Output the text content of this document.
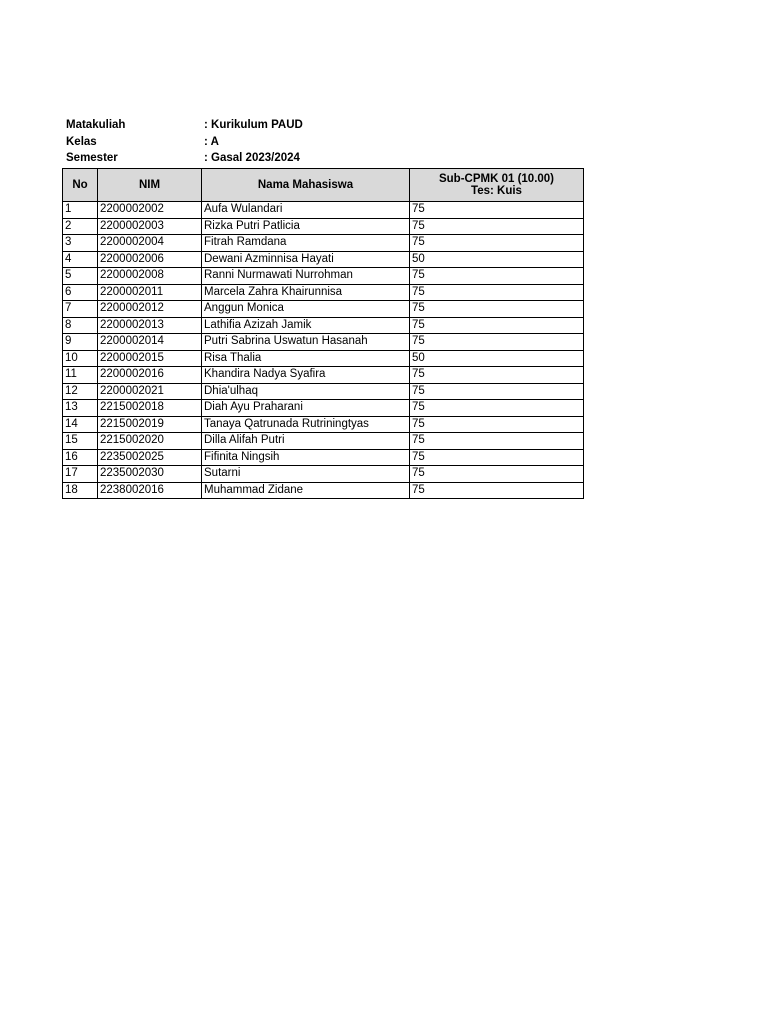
Matakuliah	: Kurikulum PAUD
Kelas	: A
Semester	: Gasal 2023/2024
No	NIM	Nama Mahasiswa	Sub-CPMK 01 (10.00)
Tes: Kuis
1	2200002002	Aufa Wulandari	75
2	2200002003	Rizka Putri Patlicia	75
3	2200002004	Fitrah Ramdana	75
4	2200002006	Dewani Azminnisa Hayati	50
5	2200002008	Ranni Nurmawati Nurrohman	75
6	2200002011	Marcela Zahra Khairunnisa	75
7	2200002012	Anggun Monica	75
8	2200002013	Lathifia Azizah Jamik	75
9	2200002014	Putri Sabrina Uswatun Hasanah	75
10	2200002015	Risa Thalia	50
11	2200002016	Khandira Nadya Syafira	75
12	2200002021	Dhia'ulhaq	75
13	2215002018	Diah Ayu Praharani	75
14	2215002019	Tanaya Qatrunada Rutriningtyas	75
15	2215002020	Dilla Alifah Putri	75
16	2235002025	Fifinita Ningsih	75
17	2235002030	Sutarni	75
18	2238002016	Muhammad Zidane	75
